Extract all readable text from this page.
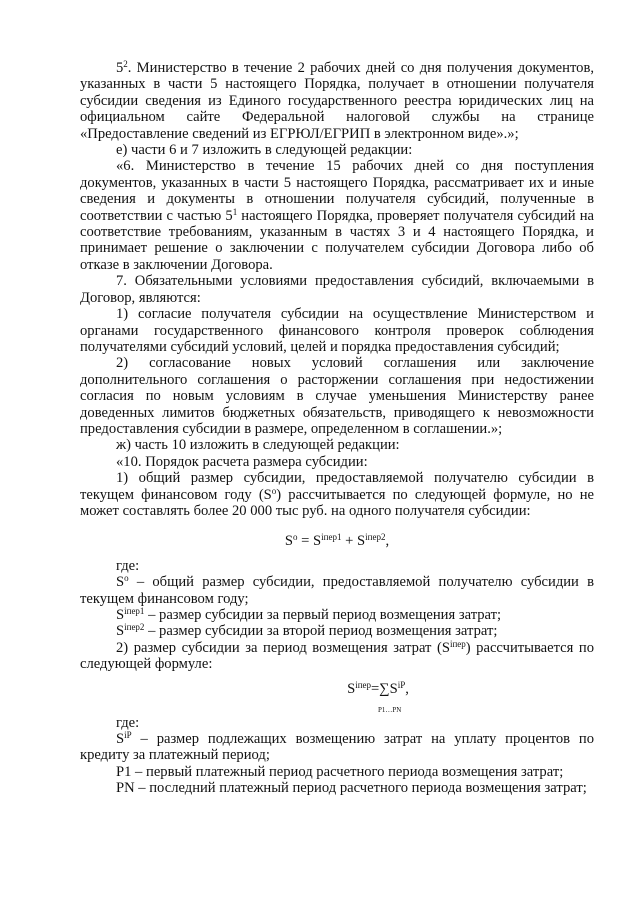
$5^2$. Министерство в течение 2 рабочих дней со дня получения документов, указанных в части 5 настоящего Порядка, получает в отношении получателя субсидии сведения из Единого государственного реестра юридических лиц на официальном сайте Федеральной налоговой службы на странице «Предоставление сведений из ЕГРЮЛ/ЕГРИП в электронном виде».»;

е) части 6 и 7 изложить в следующей редакции:

«6. Министерство в течение 15 рабочих дней со дня поступления документов, указанных в части 5 настоящего Порядка, рассматривает их и иные сведения и документы в отношении получателя субсидий, полученные в соответствии с частью $5^1$ настоящего Порядка, проверяет получателя субсидий на соответствие требованиям, указанным в частях 3 и 4 настоящего Порядка, и принимает решение о заключении с получателем субсидии Договора либо об отказе в заключении Договора.

7. Обязательными условиями предоставления субсидий, включаемыми в Договор, являются:

1) согласие получателя субсидии на осуществление Министерством и органами государственного финансового контроля проверок соблюдения получателями субсидий условий, целей и порядка предоставления субсидий;

2) согласование новых условий соглашения или заключение дополнительного соглашения о расторжении соглашения при недостижении согласия по новым условиям в случае уменьшения Министерству ранее доведенных лимитов бюджетных обязательств, приводящего к невозможности предоставления субсидии в размере, определенном в соглашении.»;

ж) часть 10 изложить в следующей редакции:

«10. Порядок расчета размера субсидии:

1) общий размер субсидии, предоставляемой получателю субсидии в текущем финансовом году $(S^о)$ рассчитывается по следующей формуле, но не может составлять более 20 000 тыс руб. на одного получателя субсидии:

$S^о = S^{iпер1} + S^{iпер2}$,

где:

$S^о$ – общий размер субсидии, предоставляемой получателю субсидии в текущем финансовом году;

$S^{iпер1}$ – размер субсидии за первый период возмещения затрат;

$S^{iпер2}$ – размер субсидии за второй период возмещения затрат;

2) размер субсидии за период возмещения затрат $(S^{iпер})$ рассчитывается по следующей формуле:

$S^{iпер}=\sum S^{iP}$,
P1…PN

где:

$S^{iP}$ – размер подлежащих возмещению затрат на уплату процентов по кредиту за платежный период;

P1 – первый платежный период расчетного периода возмещения затрат;

PN – последний платежный период расчетного периода возмещения затрат;
